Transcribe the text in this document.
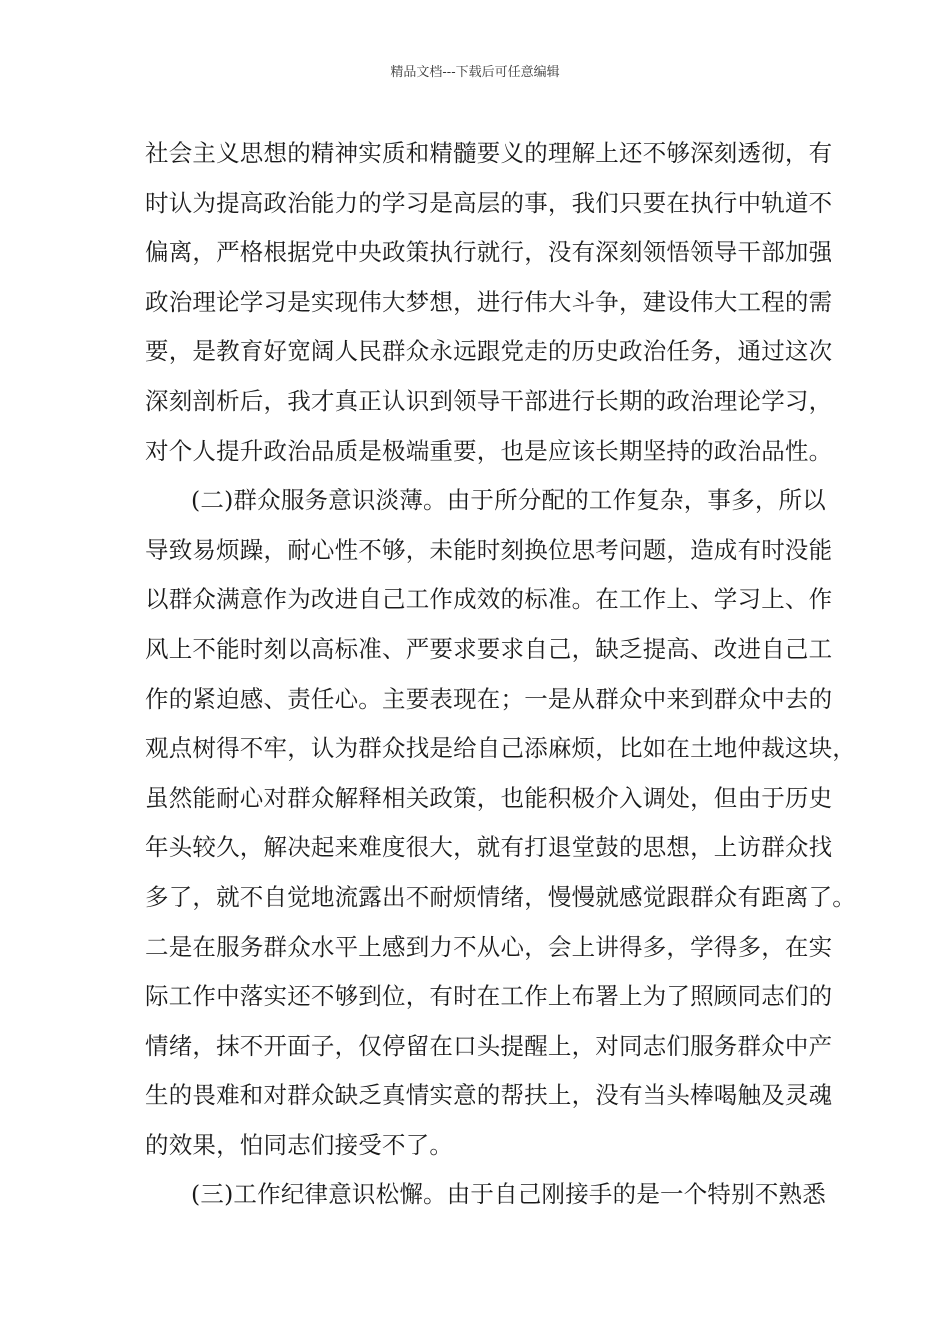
精品文档---下载后可任意编辑
社会主义思想的精神实质和精髓要义的理解上还不够深刻透彻，有
时认为提高政治能力的学习是高层的事，我们只要在执行中轨道不
偏离，严格根据党中央政策执行就行，没有深刻领悟领导干部加强
政治理论学习是实现伟大梦想，进行伟大斗争，建设伟大工程的需
要，是教育好宽阔人民群众永远跟党走的历史政治任务，通过这次
深刻剖析后，我才真正认识到领导干部进行长期的政治理论学习，
对个人提升政治品质是极端重要，也是应该长期坚持的政治品性。
(二)群众服务意识淡薄。由于所分配的工作复杂，事多，所以
导致易烦躁，耐心性不够，未能时刻换位思考问题，造成有时没能
以群众满意作为改进自己工作成效的标准。在工作上、学习上、作
风上不能时刻以高标准、严要求要求自己，缺乏提高、改进自己工
作的紧迫感、责任心。主要表现在；一是从群众中来到群众中去的
观点树得不牢，认为群众找是给自己添麻烦，比如在土地仲裁这块，
虽然能耐心对群众解释相关政策，也能积极介入调处，但由于历史
年头较久，解决起来难度很大，就有打退堂鼓的思想，上访群众找
多了，就不自觉地流露出不耐烦情绪，慢慢就感觉跟群众有距离了。
二是在服务群众水平上感到力不从心，会上讲得多，学得多，在实
际工作中落实还不够到位，有时在工作上布署上为了照顾同志们的
情绪，抹不开面子，仅停留在口头提醒上，对同志们服务群众中产
生的畏难和对群众缺乏真情实意的帮扶上，没有当头棒喝触及灵魂
的效果，怕同志们接受不了。
(三)工作纪律意识松懈。由于自己刚接手的是一个特别不熟悉
